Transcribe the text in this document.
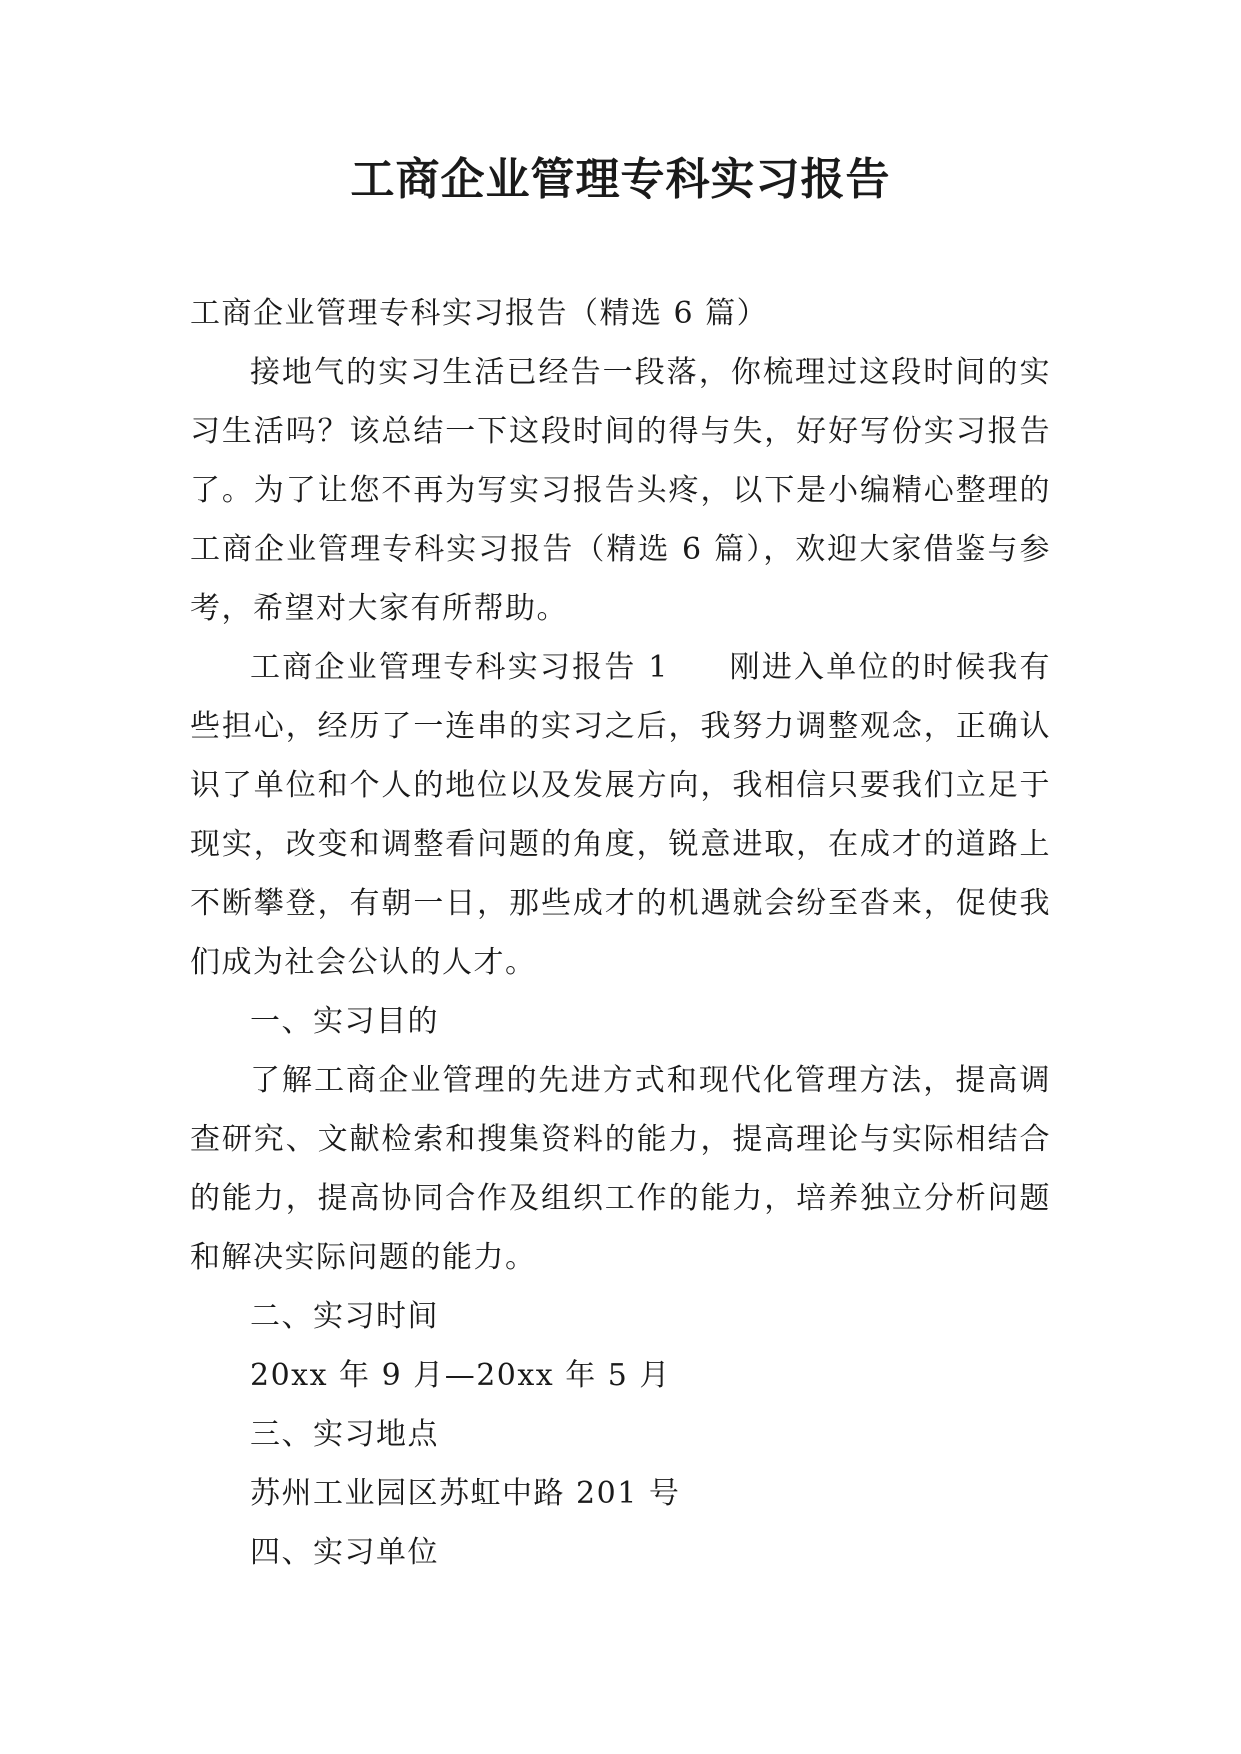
工商企业管理专科实习报告

工商企业管理专科实习报告（精选 6 篇）

接地气的实习生活已经告一段落，你梳理过这段时间的实习生活吗？该总结一下这段时间的得与失，好好写份实习报告了。为了让您不再为写实习报告头疼，以下是小编精心整理的工商企业管理专科实习报告（精选 6 篇），欢迎大家借鉴与参考，希望对大家有所帮助。

工商企业管理专科实习报告 1 刚进入单位的时候我有些担心，经历了一连串的实习之后，我努力调整观念，正确认识了单位和个人的地位以及发展方向，我相信只要我们立足于现实，改变和调整看问题的角度，锐意进取，在成才的道路上不断攀登，有朝一日，那些成才的机遇就会纷至沓来，促使我们成为社会公认的人才。

一、实习目的

了解工商企业管理的先进方式和现代化管理方法，提高调查研究、文献检索和搜集资料的能力，提高理论与实际相结合的能力，提高协同合作及组织工作的能力，培养独立分析问题和解决实际问题的能力。

二、实习时间

20xx 年 9 月—20xx 年 5 月

三、实习地点

苏州工业园区苏虹中路 201 号

四、实习单位
